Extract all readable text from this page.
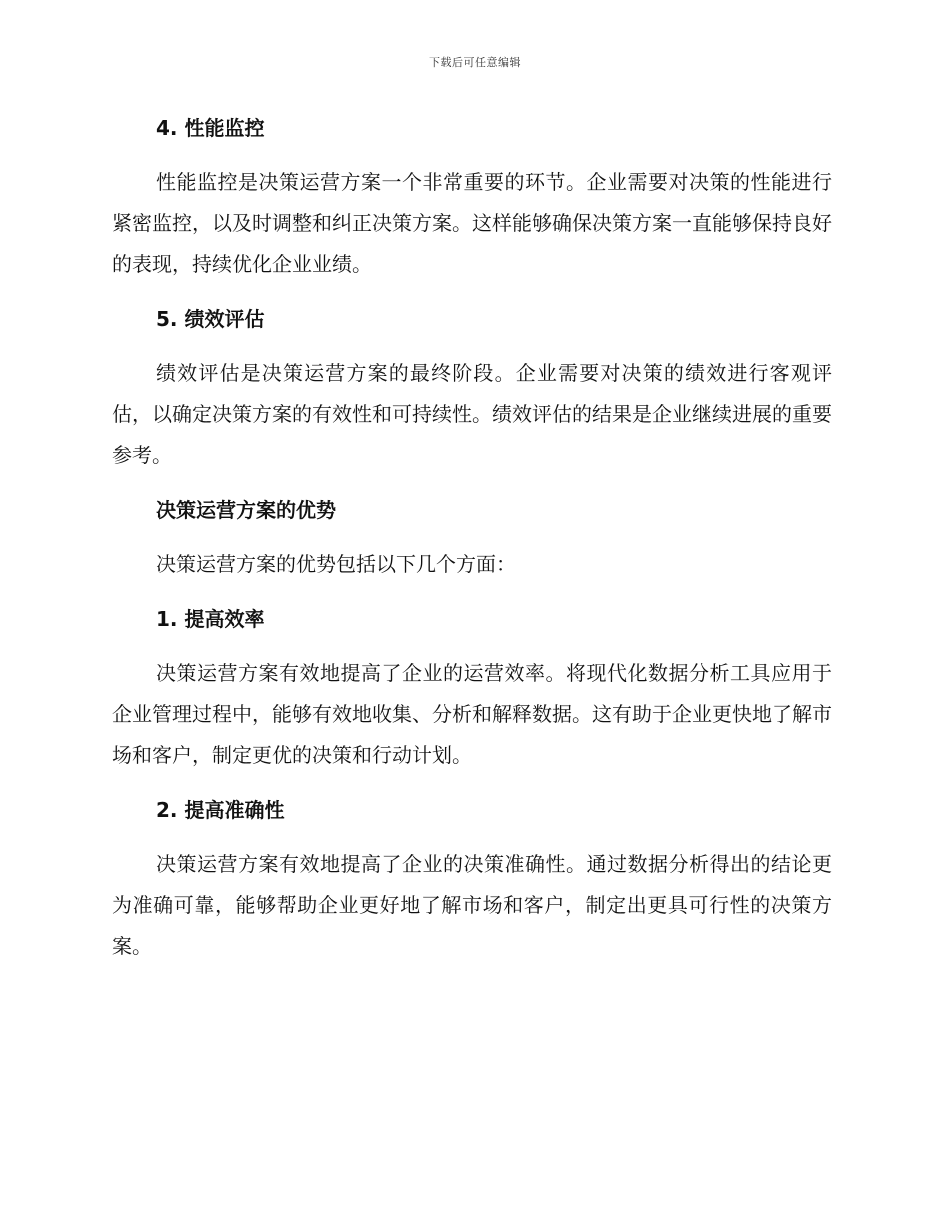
下载后可任意编辑
4. 性能监控

性能监控是决策运营方案一个非常重要的环节。企业需要对决策的性能进行紧密监控，以及时调整和纠正决策方案。这样能够确保决策方案一直能够保持良好的表现，持续优化企业业绩。

5. 绩效评估

绩效评估是决策运营方案的最终阶段。企业需要对决策的绩效进行客观评估，以确定决策方案的有效性和可持续性。绩效评估的结果是企业继续进展的重要参考。

决策运营方案的优势

决策运营方案的优势包括以下几个方面：

1. 提高效率

决策运营方案有效地提高了企业的运营效率。将现代化数据分析工具应用于企业管理过程中，能够有效地收集、分析和解释数据。这有助于企业更快地了解市场和客户，制定更优的决策和行动计划。

2. 提高准确性

决策运营方案有效地提高了企业的决策准确性。通过数据分析得出的结论更为准确可靠，能够帮助企业更好地了解市场和客户，制定出更具可行性的决策方案。
